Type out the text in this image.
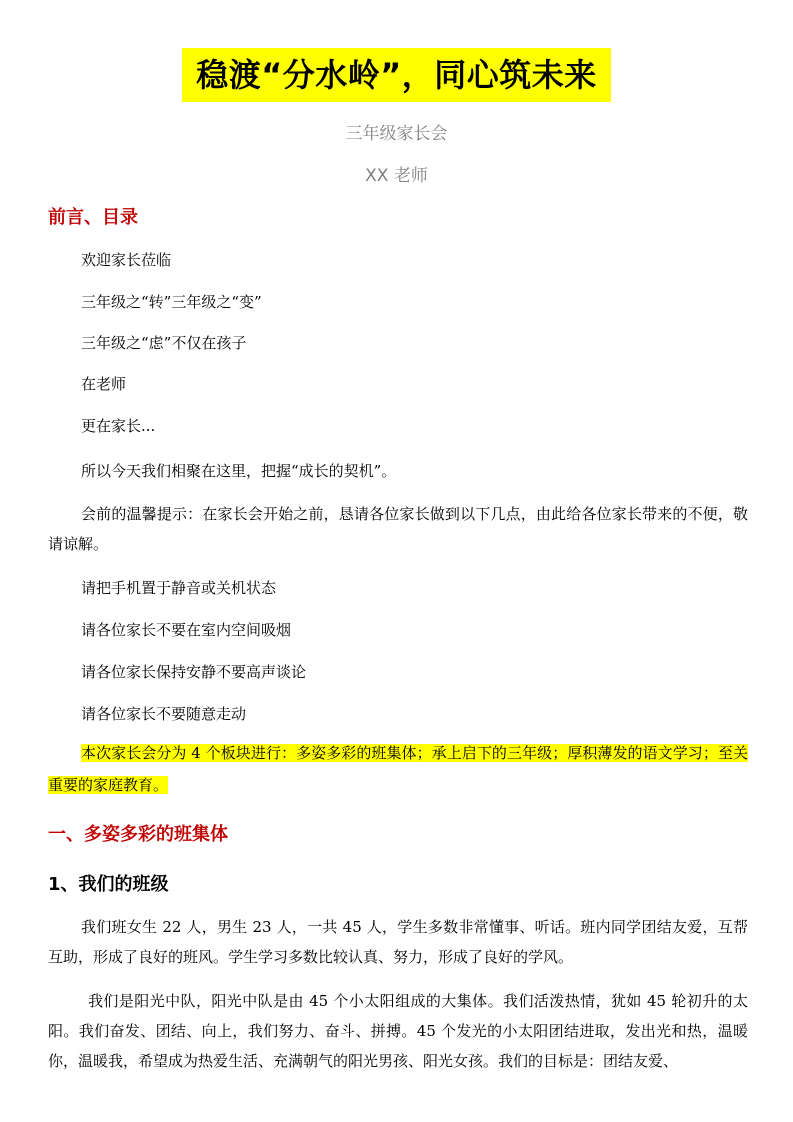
稳渡“分水岭”，同心筑未来
三年级家长会
XX 老师
前言、目录
欢迎家长莅临
三年级之“转”三年级之“变”
三年级之“虑”不仅在孩子
在老师
更在家长...
所以今天我们相聚在这里，把握“成长的契机”。
会前的温馨提示：在家长会开始之前，恳请各位家长做到以下几点，由此给各位家长带来的不便，敬请谅解。
请把手机置于静音或关机状态
请各位家长不要在室内空间吸烟
请各位家长保持安静不要高声谈论
请各位家长不要随意走动
本次家长会分为 4 个板块进行：多姿多彩的班集体；承上启下的三年级；厚积薄发的语文学习；至关重要的家庭教育。
一、多姿多彩的班集体
1、我们的班级
我们班女生 22 人，男生 23 人，一共 45 人，学生多数非常懂事、听话。班内同学团结友爱，互帮互助，形成了良好的班风。学生学习多数比较认真、努力，形成了良好的学风。
我们是阳光中队，阳光中队是由 45 个小太阳组成的大集体。我们活泼热情，犹如 45 轮初升的太阳。我们奋发、团结、向上，我们努力、奋斗、拼搏。45 个发光的小太阳团结进取，发出光和热，温暖你，温暖我，希望成为热爱生活、充满朝气的阳光男孩、阳光女孩。我们的目标是：团结友爱、
